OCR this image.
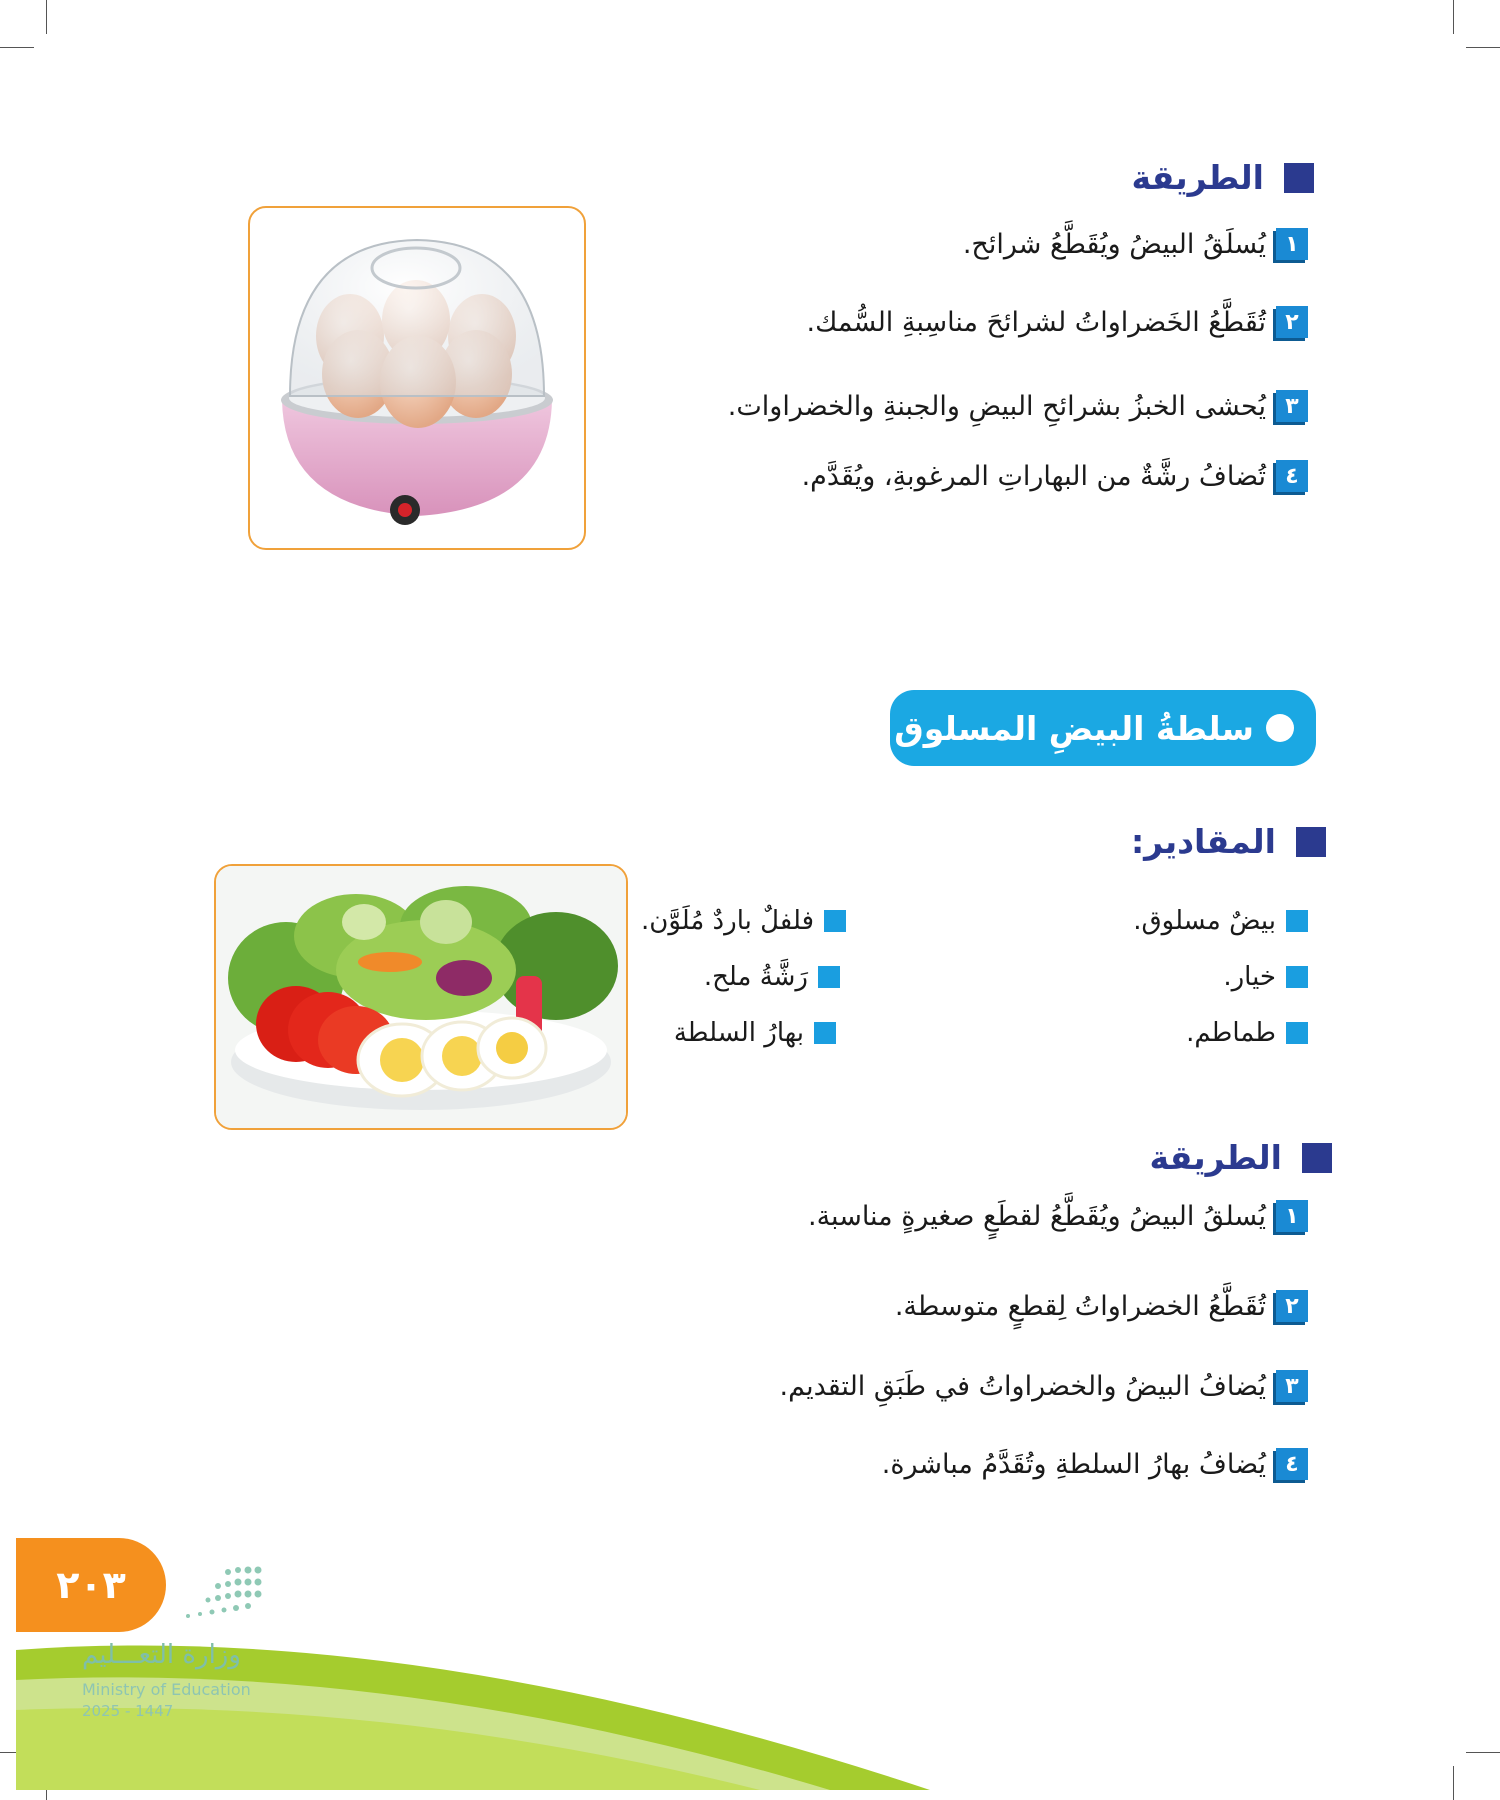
الطريقة
١
يُسلَقُ البيضُ ويُقَطَّعُ شرائح.
٢
تُقَطَّعُ الخَضراواتُ لشرائحَ مناسِبةِ السُّمك.
٣
يُحشى الخبزُ بشرائحِ البيضِ والجبنةِ والخضراوات.
٤
تُضافُ رشَّةٌ من البهاراتِ المرغوبةِ، ويُقَدَّم.
سلطةُ البيضِ المسلوق :
المقادير:
بيضٌ مسلوق.
خيار.
طماطم.
فلفلٌ باردٌ مُلَوَّن.
رَشَّةُ ملح.
بهارُ السلطة
الطريقة
١
يُسلقُ البيضُ ويُقَطَّعُ لقطَعٍ صغيرةٍ مناسبة.
٢
تُقَطَّعُ الخضراواتُ لِقطعٍ متوسطة.
٣
يُضافُ البيضُ والخضراواتُ في طَبَقِ التقديم.
٤
يُضافُ بهارُ السلطةِ وتُقَدَّمُ مباشرة.
٢٠٣
وزارة التعـــليم
Ministry of Education
2025 - 1447
